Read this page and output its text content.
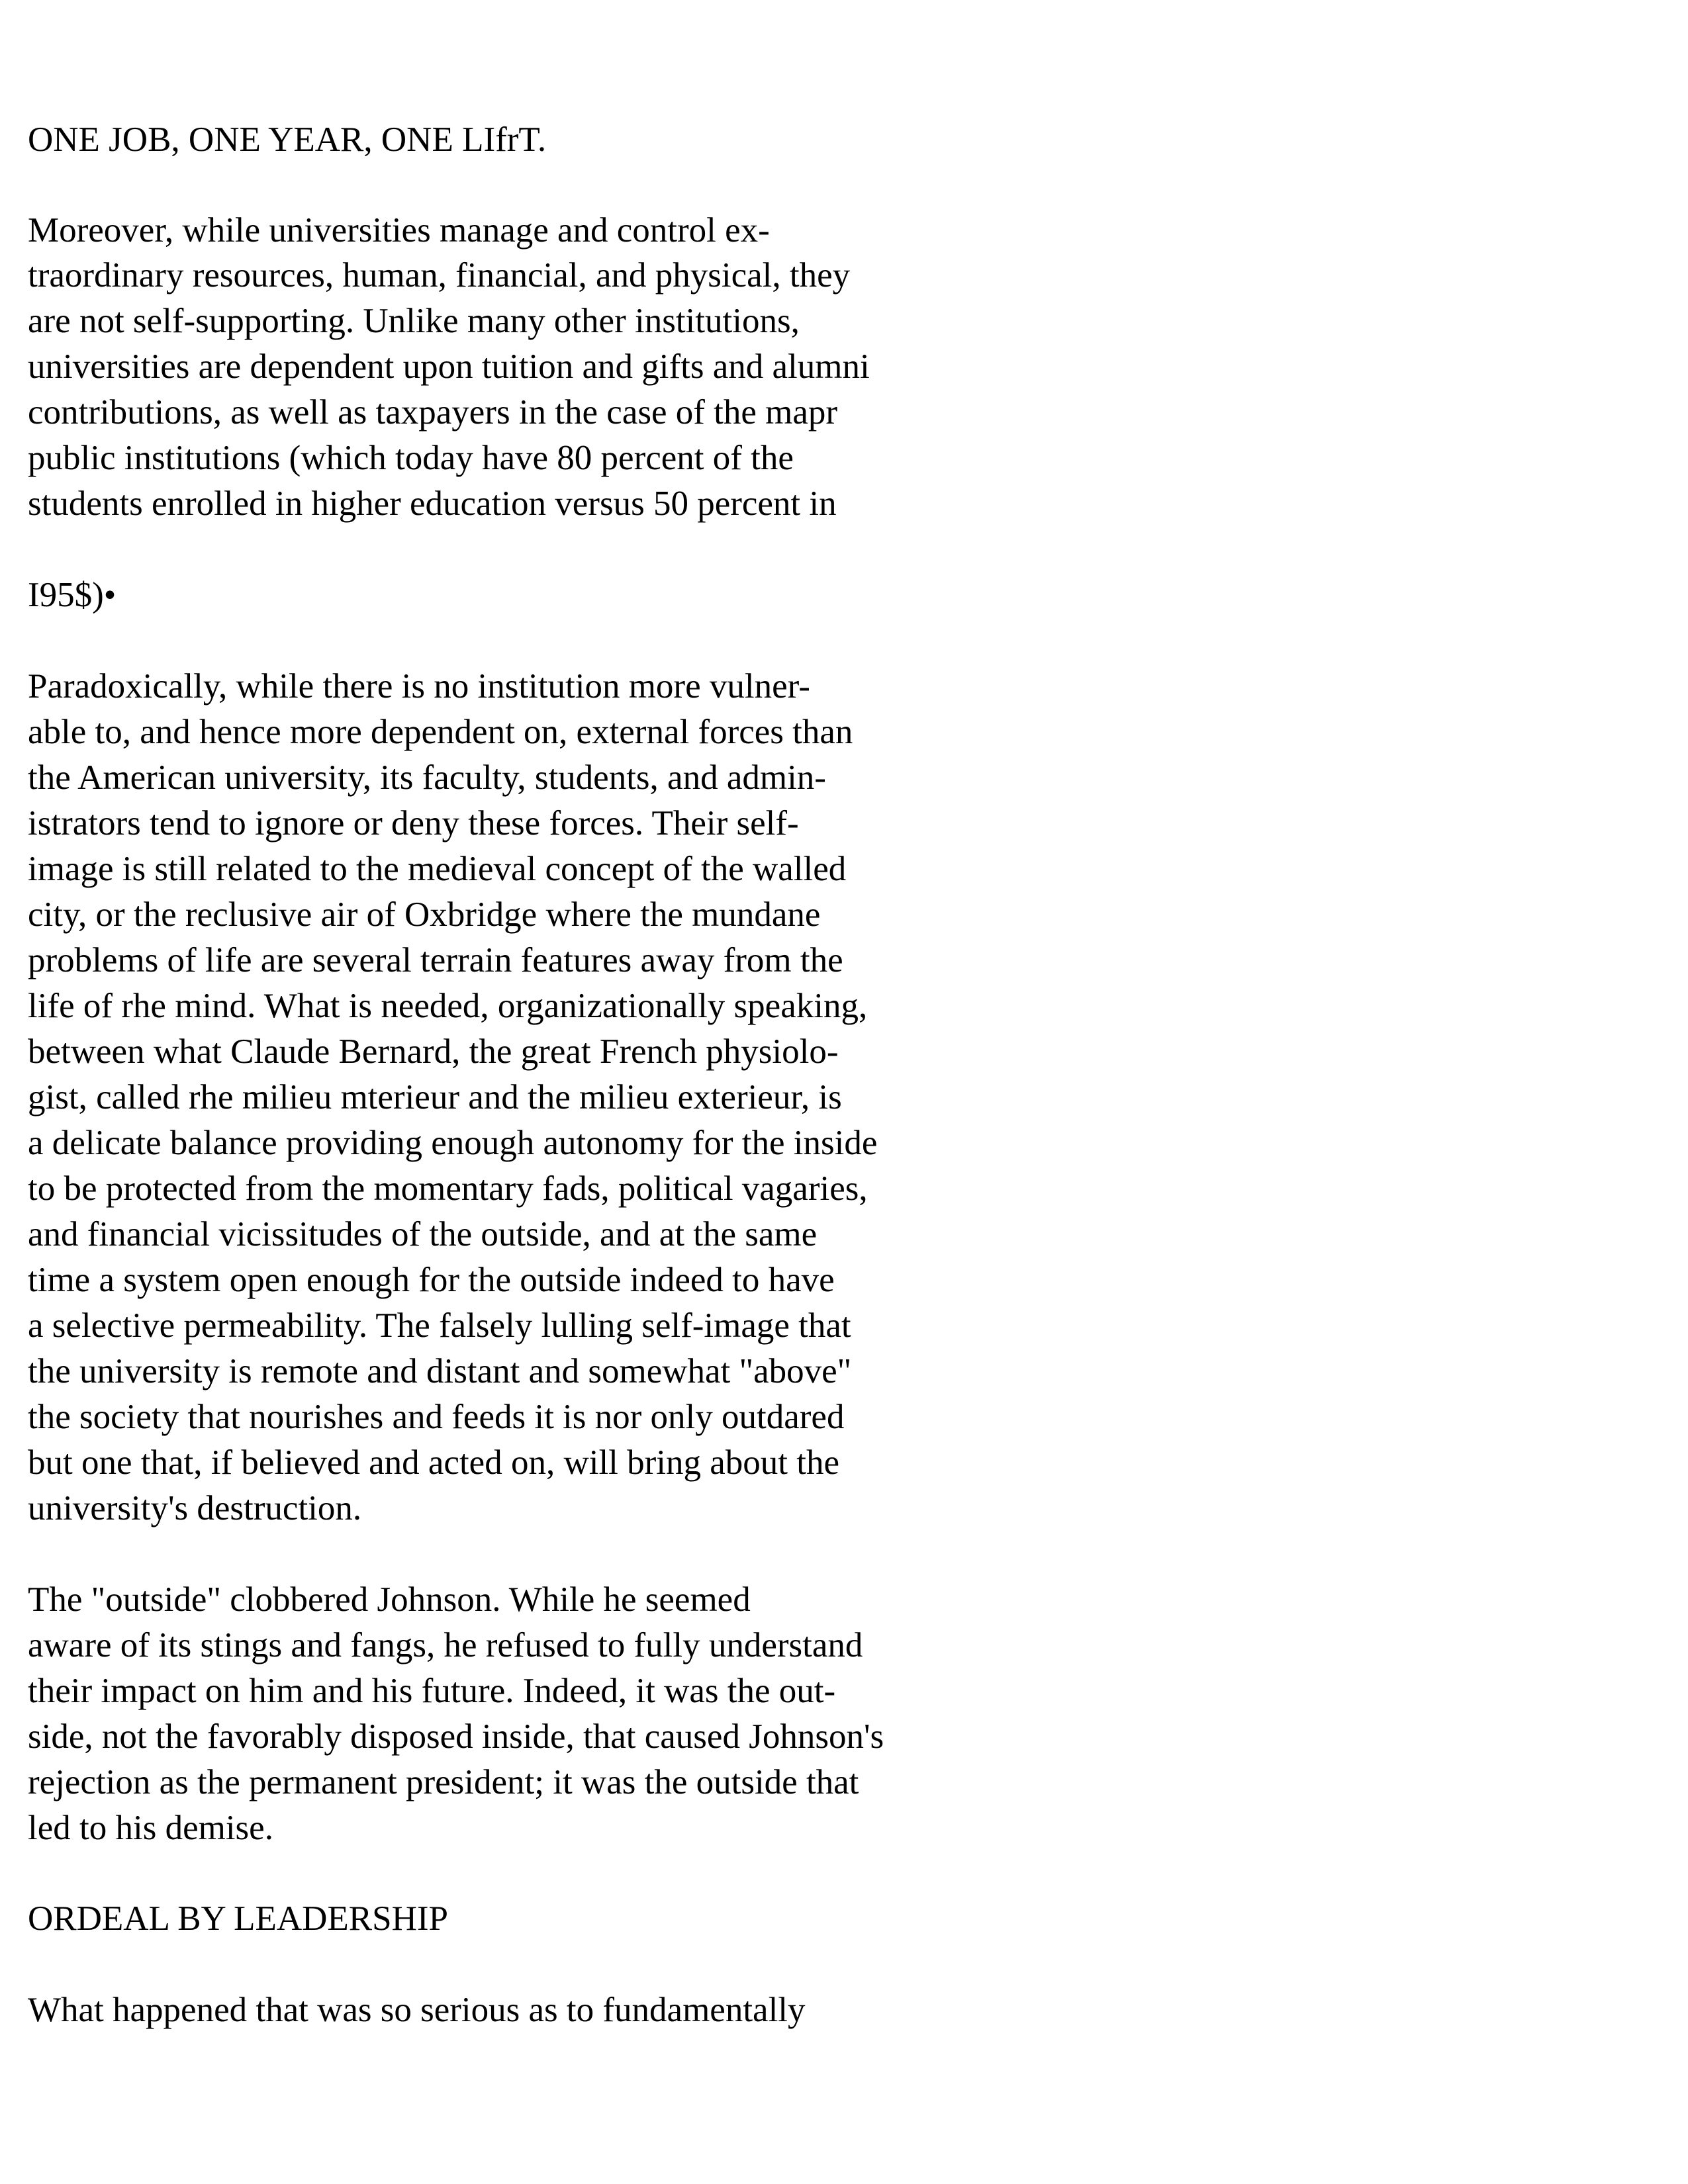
ONE JOB, ONE YEAR, ONE LIfrT.

Moreover, while universities manage and control ex-

traordinary resources, human, financial, and physical, they

are not self-supporting. Unlike many other institutions,

universities are dependent upon tuition and gifts and alumni

contributions, as well as taxpayers in the case of the mapr

public institutions (which today have 80 percent of the

students enrolled in higher education versus 50 percent in

I95$)•

Paradoxically, while there is no institution more vulner-

able to, and hence more dependent on, external forces than

the American university, its faculty, students, and admin-

istrators tend to ignore or deny these forces. Their self-

image is still related to the medieval concept of the walled

city, or the reclusive air of Oxbridge where the mundane

problems of life are several terrain features away from the

life of rhe mind. What is needed, organizationally speaking,

between what Claude Bernard, the great French physiolo-

gist, called rhe milieu mterieur and the milieu exterieur, is

a delicate balance providing enough autonomy for the inside

to be protected from the momentary fads, political vagaries,

and financial vicissitudes of the outside, and at the same

time a system open enough for the outside indeed to have

a selective permeability. The falsely lulling self-image that

the university is remote and distant and somewhat "above"

the society that nourishes and feeds it is nor only outdared

but one that, if believed and acted on, will bring about the

university's destruction.

The "outside" clobbered Johnson. While he seemed

aware of its stings and fangs, he refused to fully understand

their impact on him and his future. Indeed, it was the out-

side, not the favorably disposed inside, that caused Johnson's

rejection as the permanent president; it was the outside that

led to his demise.

ORDEAL BY LEADERSHIP

What happened that was so serious as to fundamentally
